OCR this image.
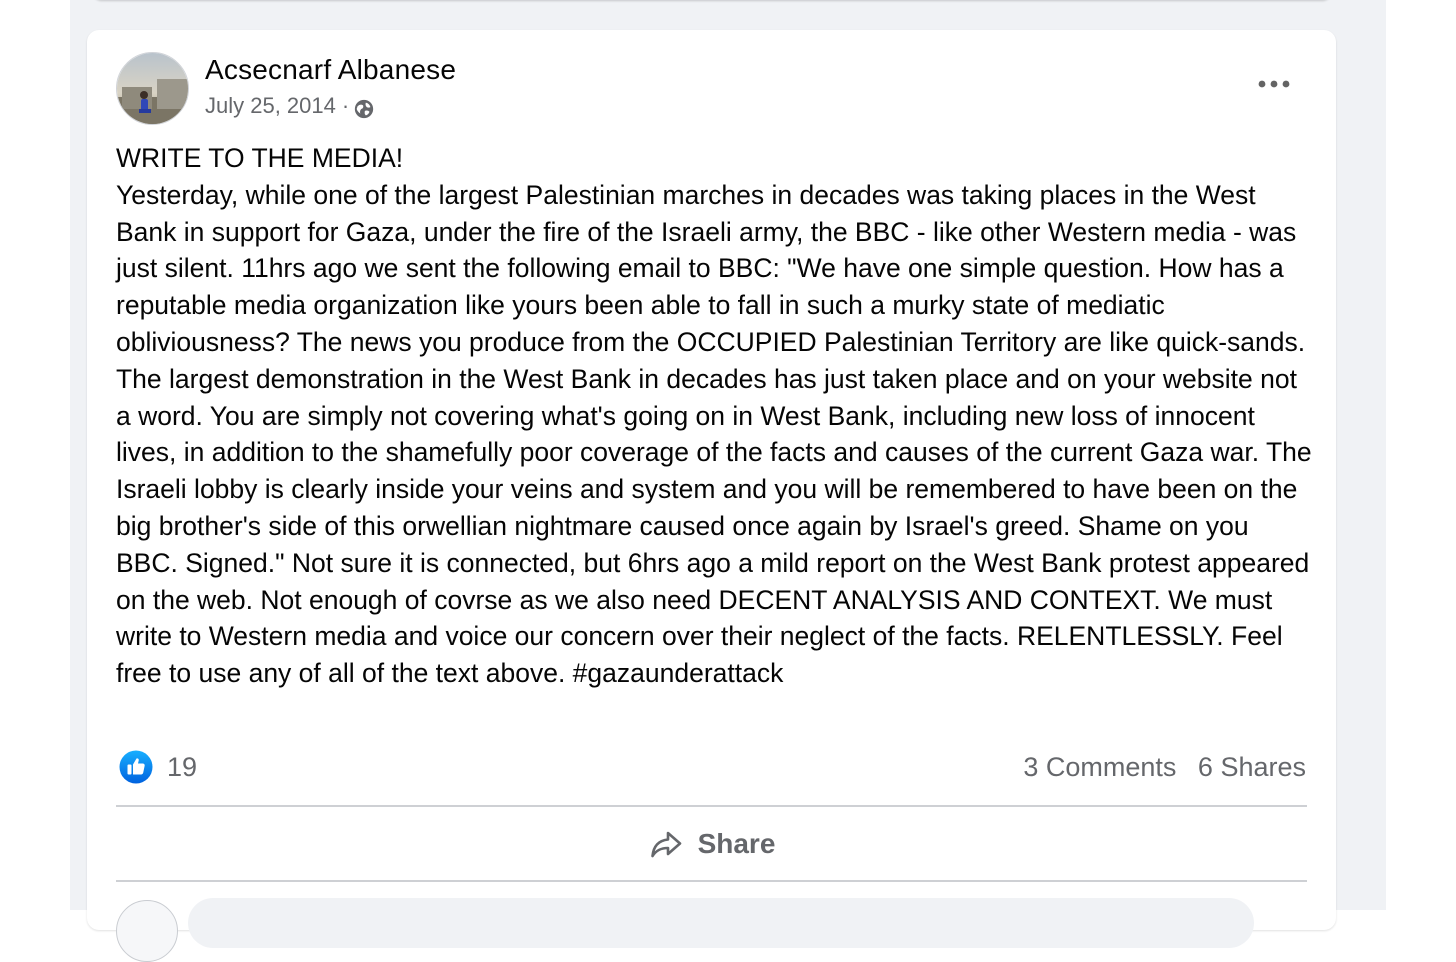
Acsecnarf Albanese
July 25, 2014 ·

WRITE TO THE MEDIA!

Yesterday, while one of the largest Palestinian marches in decades was taking places in the West Bank in support for Gaza, under the fire of the Israeli army, the BBC - like other Western media - was just silent. 11hrs ago we sent the following email to BBC: "We have one simple question. How has a reputable media organization like yours been able to fall in such a murky state of mediatic obliviousness? The news you produce from the OCCUPIED Palestinian Territory are like quick-sands. The largest demonstration in the West Bank in decades has just taken place and on your website not a word. You are simply not covering what's going on in West Bank, including new loss of innocent lives, in addition to the shamefully poor coverage of the facts and causes of the current Gaza war. The Israeli lobby is clearly inside your veins and system and you will be remembered to have been on the big brother's side of this orwellian nightmare caused once again by Israel's greed. Shame on you BBC. Signed." Not sure it is connected, but 6hrs ago a mild report on the West Bank protest appeared on the web. Not enough of covrse as we also need DECENT ANALYSIS AND CONTEXT. We must write to Western media and voice our concern over their neglect of the facts. RELENTLESSLY. Feel free to use any of all of the text above. #gazaunderattack

19	3 Comments 6 Shares
Share
